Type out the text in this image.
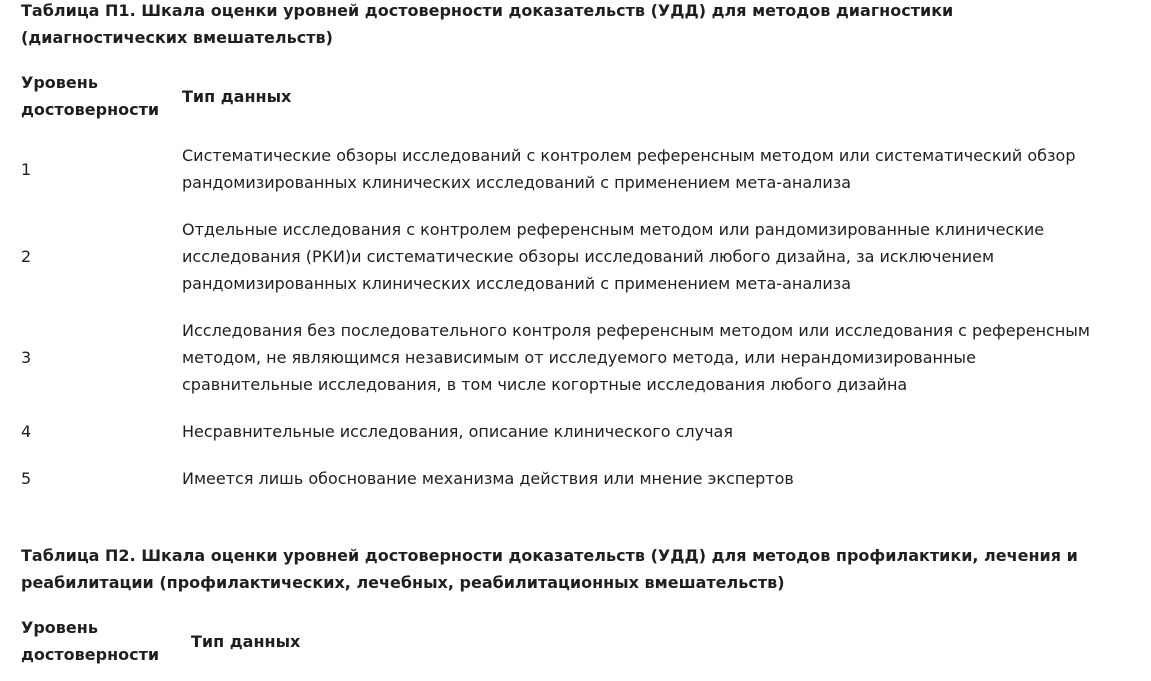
Таблица П1. Шкала оценки уровней достоверности доказательств (УДД) для методов диагностики (диагностических вмешательств)

Уровень
достоверности	Тип данных
1	Систематические обзоры исследований с контролем референсным методом или систематический обзор рандомизированных клинических исследований с применением мета-анализа
2	Отдельные исследования с контролем референсным методом или рандомизированные клинические исследования (РКИ)и систематические обзоры исследований любого дизайна, за исключением рандомизированных клинических исследований с применением мета-анализа
3	Исследования без последовательного контроля референсным методом или исследования с референсным методом, не являющимся независимым от исследуемого метода, или нерандомизированные сравнительные исследования, в том числе когортные исследования любого дизайна
4	Несравнительные исследования, описание клинического случая
5	Имеется лишь обоснование механизма действия или мнение экспертов

Таблица П2. Шкала оценки уровней достоверности доказательств (УДД) для методов профилактики, лечения и реабилитации (профилактических, лечебных, реабилитационных вмешательств)

Уровень
достоверности	Тип данных
